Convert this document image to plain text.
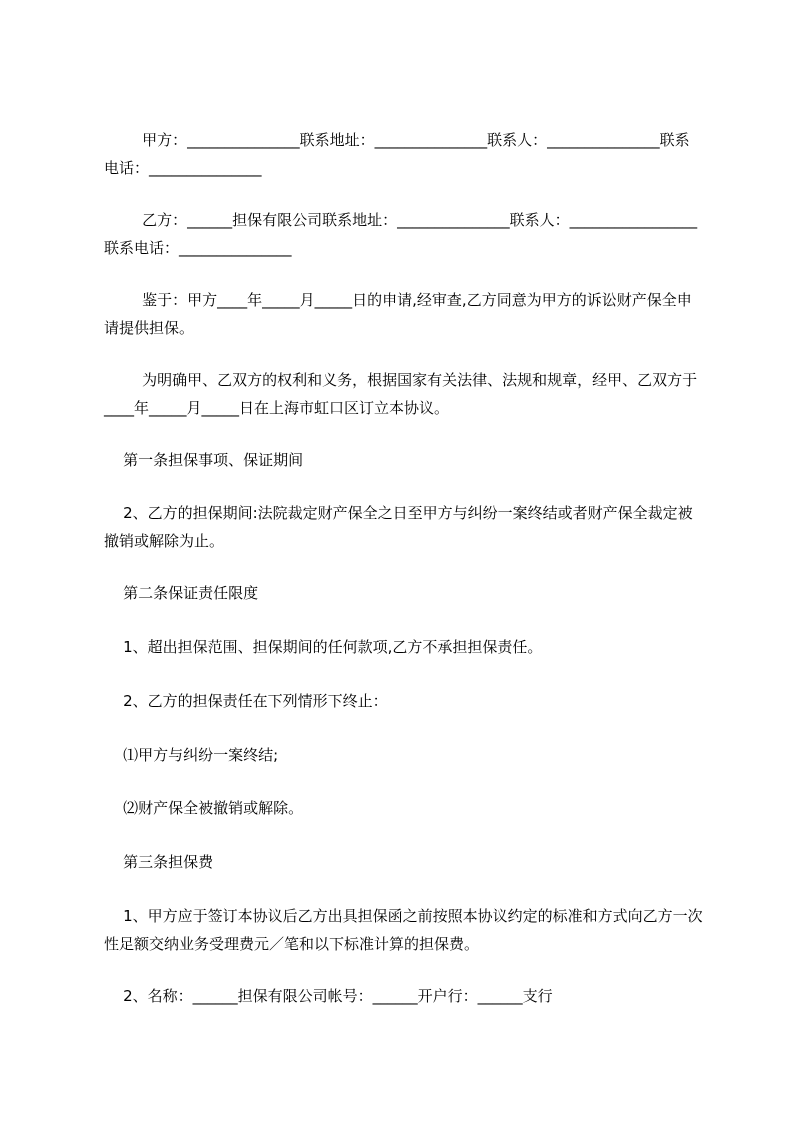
甲方：_______________联系地址：_______________联系人：_______________联系电话：_______________

乙方：______担保有限公司联系地址：_______________联系人：_________________联系电话：_______________

鉴于：甲方____年_____月_____日的申请,经审查,乙方同意为甲方的诉讼财产保全申请提供担保。

为明确甲、乙双方的权利和义务，根据国家有关法律、法规和规章，经甲、乙双方于____年_____月_____日在上海市虹口区订立本协议。

第一条担保事项、保证期间

2、乙方的担保期间:法院裁定财产保全之日至甲方与纠纷一案终结或者财产保全裁定被撤销或解除为止。

第二条保证责任限度

1、超出担保范围、担保期间的任何款项,乙方不承担担保责任。

2、乙方的担保责任在下列情形下终止：

⑴甲方与纠纷一案终结;

⑵财产保全被撤销或解除。

第三条担保费

1、甲方应于签订本协议后乙方出具担保函之前按照本协议约定的标准和方式向乙方一次性足额交纳业务受理费元／笔和以下标准计算的担保费。

2、名称：______担保有限公司帐号：______开户行：______支行
